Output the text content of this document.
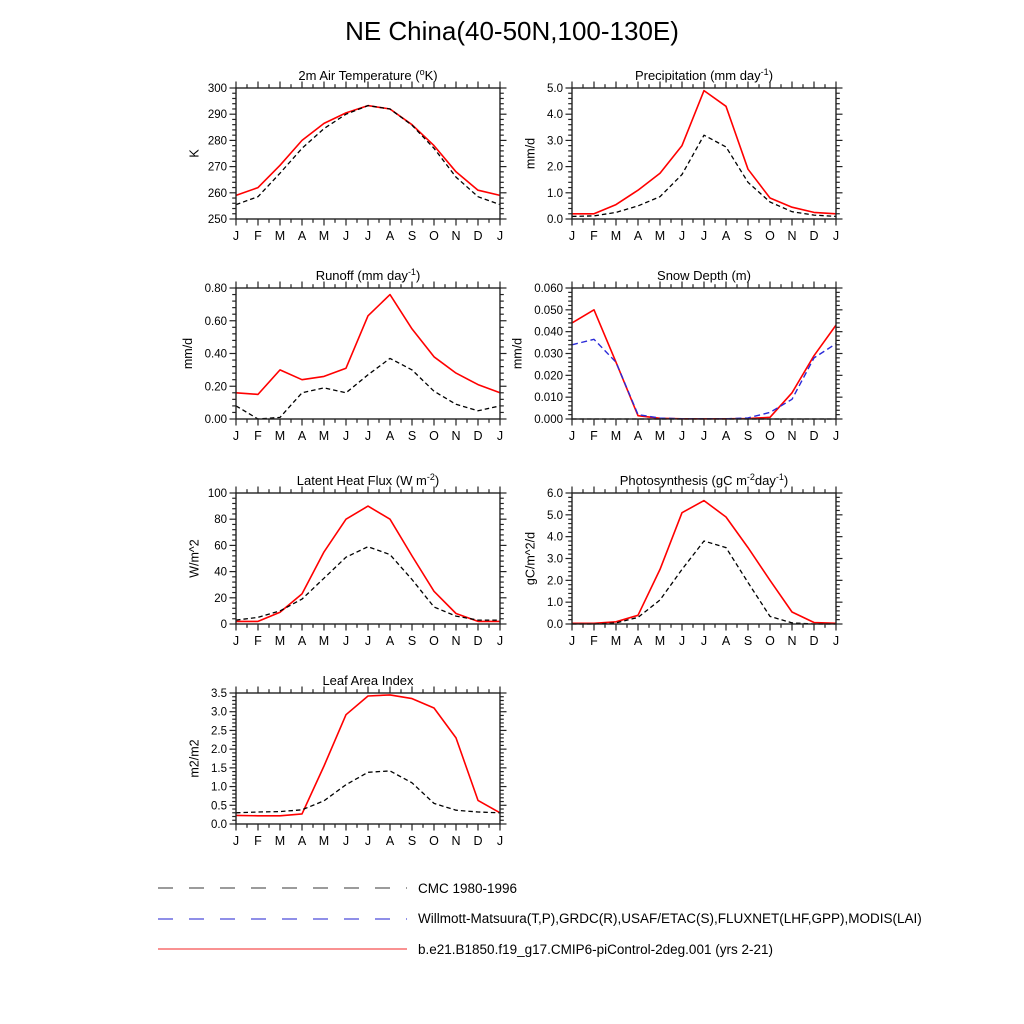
NE China(40-50N,100-130E)
2m Air Temperature ($^o$K)
250
260
270
280
290
300
J F M A M J J A S O N D J
K
Precipitation (mm day$^{-1}$)
0.0
1.0
2.0
3.0
4.0
5.0
J F M A M J J A S O N D J
mm/d
Runoff (mm day$^{-1}$)
0.00
0.20
0.40
0.60
0.80
J F M A M J J A S O N D J
mm/d
Snow Depth (m)
0.000
0.010
0.020
0.030
0.040
0.050
0.060
J F M A M J J A S O N D J
mm/d
Latent Heat Flux (W $m^{-2}$)
0
20
40
60
80
100
J F M A M J J A S O N D J
W/m^2
Photosynthesis (gC $m^{-2}day^{-1}$)
0.0
1.0
2.0
3.0
4.0
5.0
6.0
J F M A M J J A S O N D J
gC/m^2/d
Leaf Area Index
0.0
0.5
1.0
1.5
2.0
2.5
3.0
3.5
J F M A M J J A S O N D J
m2/m2
CMC 1980-1996
Willmott-Matsuura(T,P),GRDC(R),USAF/ETAC(S),FLUXNET(LHF,GPP),MODIS(LAI)
b.e21.B1850.f19_g17.CMIP6-piControl-2deg.001 (yrs 2-21)
